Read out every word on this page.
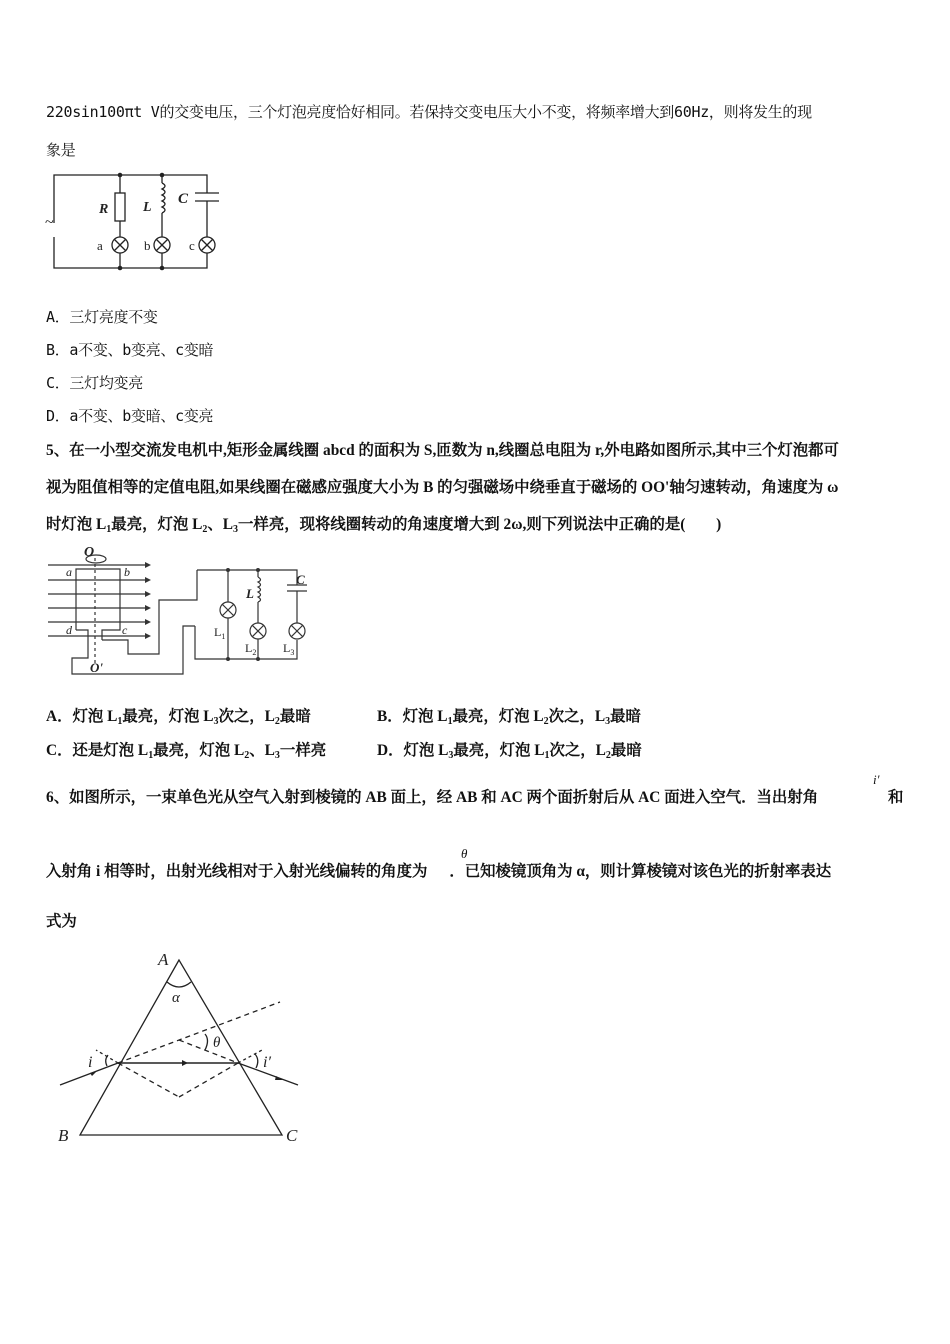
220sin100πt V的交变电压，三个灯泡亮度恰好相同。若保持交变电压大小不变，将频率增大到60Hz，则将发生的现
象是
~
R L
C
a	b	c
A．三灯亮度不变
B．a不变、b变亮、c变暗
C．三灯均变亮
D．a不变、b变暗、c变亮
5、在一小型交流发电机中,矩形金属线圈 abcd 的面积为 S,匝数为 n,线圈总电阻为 r,外电路如图所示,其中三个灯泡都可
视为阻值相等的定值电阻,如果线圈在磁感应强度大小为 B 的匀强磁场中绕垂直于磁场的 OO'轴匀速转动，角速度为 ω
时灯泡 $L_1$最亮，灯泡 $L_2$、$L_3$一样亮，现将线圈转动的角速度增大到 2ω,则下列说法中正确的是(　　 )
O
O'
a	b
d	c
L
C
$L_1$
$L_2$ $L_3$
A．灯泡 $L_1$最亮，灯泡 $L_3$次之，$L_2$最暗	B．灯泡 $L_1$最亮，灯泡 $L_2$次之，$L_3$最暗
C．还是灯泡 $L_1$最亮，灯泡 $L_2$、$L_3$一样亮	D．灯泡 $L_3$最亮，灯泡 $L_1$次之，$L_2$最暗
6、如图所示，一束单色光从空气入射到棱镜的 AB 面上，经 AB 和 AC 两个面折射后从 AC 面进入空气．当出射角
i′
和
入射角 i 相等时，出射光线相对于入射光线偏转的角度为 ．已知棱镜顶角为 α，则计算棱镜对该色光的折射率表达
θ
式为
A
B	C
α
θ
i	i′
